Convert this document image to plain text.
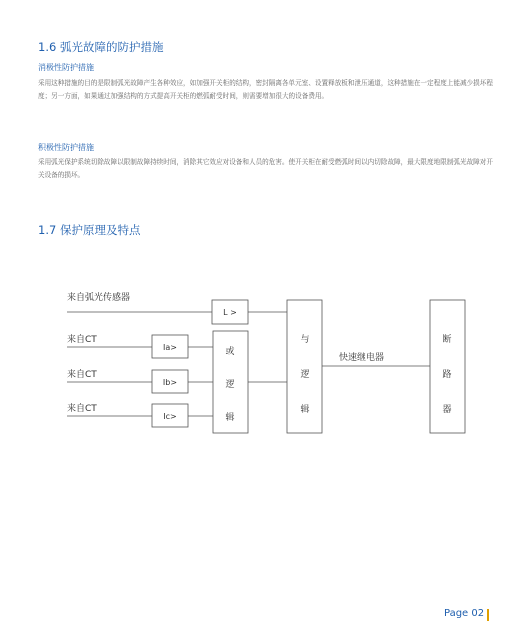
1.6 弧光故障的防护措施
消极性防护措施

采用这种措施的目的是限制弧光故障产生各种效应，如加强开关柜的结构，密封隔离各单元室、设置释放板和泄压通道，这种措施在一定程度上能减少损坏程度；另一方面，如果通过加强结构的方式提高开关柜的燃弧耐受时间，则需要增加很大的设备费用。

积极性防护措施

采用弧光保护系统切除故障以限制故障持续时间，消除其它效应对设备和人员的危害。使开关柜在耐受燃弧时间以内切除故障，最大限度地限制弧光故障对开关设备的损坏。

1.7 保护原理及特点
来自弧光传感器
来自CT
来自CT
来自CT
快速继电器
L >
Ia>
Ib>
Ic>
或
逻
辑
与
逻
辑
断
路
器
Page 02
